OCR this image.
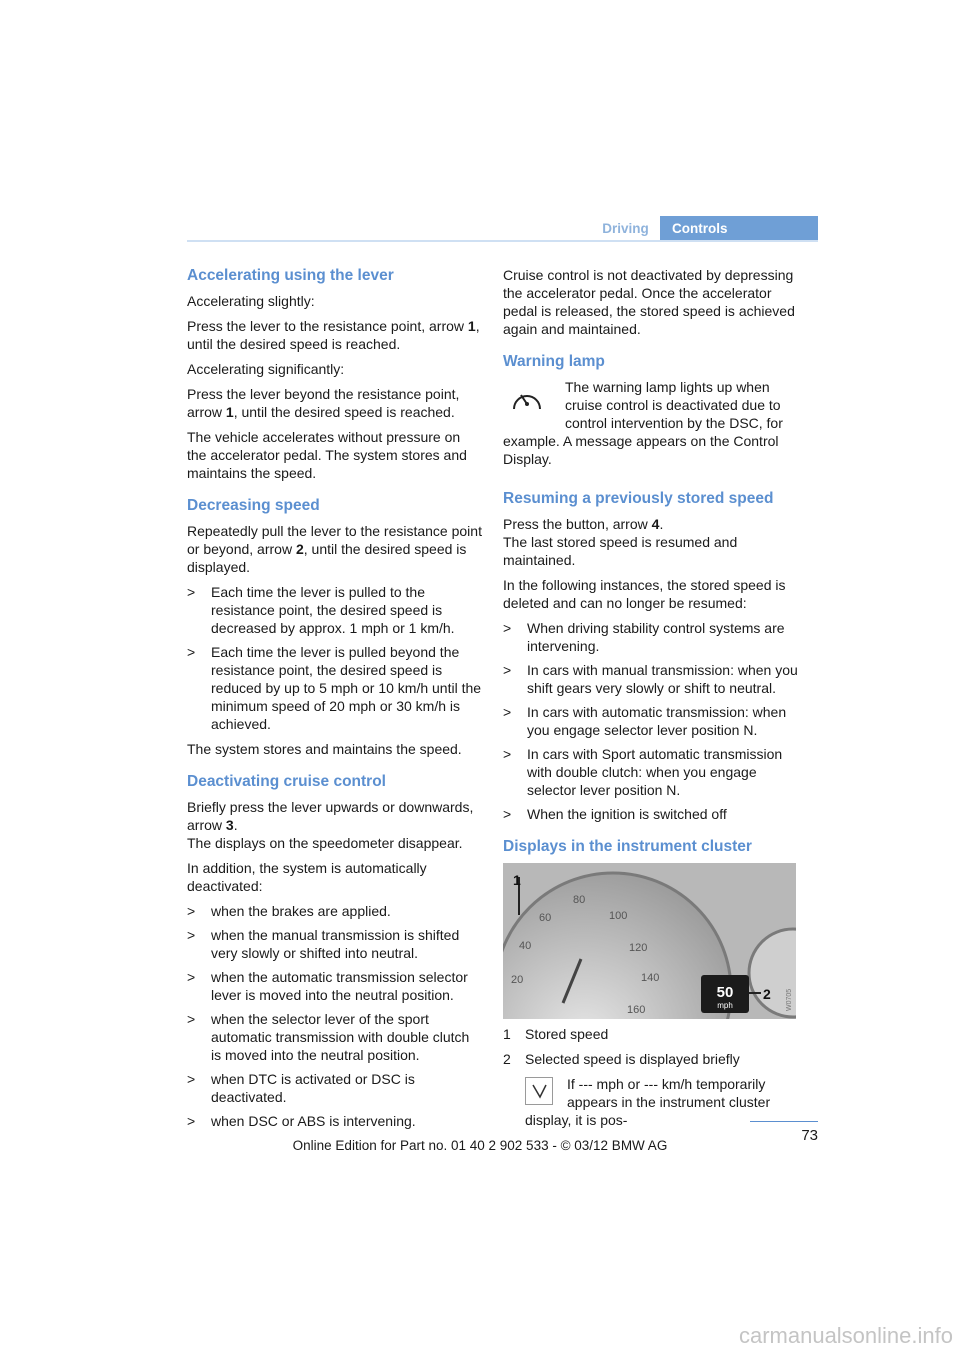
Driving	Controls
Accelerating using the lever

Accelerating slightly:

Press the lever to the resistance point, arrow 1, until the desired speed is reached.

Accelerating significantly:

Press the lever beyond the resistance point, arrow 1, until the desired speed is reached.

The vehicle accelerates without pressure on the accelerator pedal. The system stores and maintains the speed.

Decreasing speed

Repeatedly pull the lever to the resistance point or beyond, arrow 2, until the desired speed is displayed.

> Each time the lever is pulled to the resistance point, the desired speed is decreased by approx. 1 mph or 1 km/h.
> Each time the lever is pulled beyond the resistance point, the desired speed is reduced by up to 5 mph or 10 km/h until the minimum speed of 20 mph or 30 km/h is achieved.

The system stores and maintains the speed.

Deactivating cruise control

Briefly press the lever upwards or downwards, arrow 3.
The displays on the speedometer disappear.

In addition, the system is automatically deactivated:

> when the brakes are applied.
> when the manual transmission is shifted very slowly or shifted into neutral.
> when the automatic transmission selector lever is moved into the neutral position.
> when the selector lever of the sport automatic transmission with double clutch is moved into the neutral position.
> when DTC is activated or DSC is deactivated.
> when DSC or ABS is intervening.

Cruise control is not deactivated by depressing the accelerator pedal. Once the accelerator pedal is released, the stored speed is achieved again and maintained.

Warning lamp

The warning lamp lights up when cruise control is deactivated due to control intervention by the DSC, for example. A message appears on the Control Display.

Resuming a previously stored speed

Press the button, arrow 4.
The last stored speed is resumed and maintained.

In the following instances, the stored speed is deleted and can no longer be resumed:

> When driving stability control systems are intervening.
> In cars with manual transmission: when you shift gears very slowly or shift to neutral.
> In cars with automatic transmission: when you engage selector lever position N.
> In cars with Sport automatic transmission with double clutch: when you engage selector lever position N.
> When the ignition is switched off
Displays in the instrument cluster
60
80
100
120
140
160
40
20
1
50
mph
2 W0705

1 Stored speed

2 Selected speed is displayed briefly

If --- mph or --- km/h temporarily appears in the instrument cluster display, it is pos-

73
Online Edition for Part no. 01 40 2 902 533 - © 03/12 BMW AG
carmanualsonline.info
